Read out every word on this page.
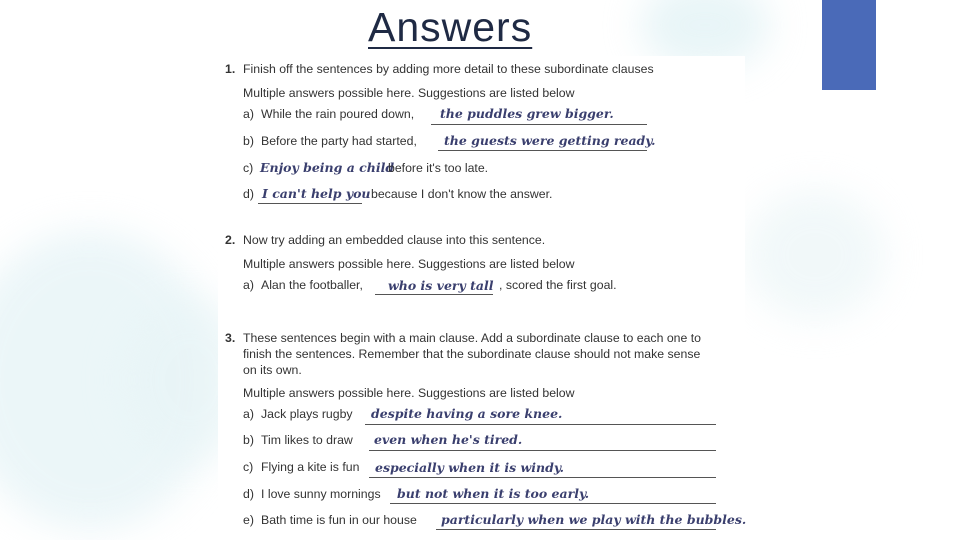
Answers
1. Finish off the sentences by adding more detail to these subordinate clauses
Multiple answers possible here. Suggestions are listed below
a) While the rain poured down, the puddles grew bigger.
b) Before the party had started, the guests were getting ready.
c) Enjoy being a child
before it's too late.
d) I can't help you because I don't know the answer.
2. Now try adding an embedded clause into this sentence.
Multiple answers possible here. Suggestions are listed below
a) Alan the footballer, who is very tall , scored the first goal.
3. These sentences begin with a main clause. Add a subordinate clause to each one to
finish the sentences. Remember that the subordinate clause should not make sense
on its own.
Multiple answers possible here. Suggestions are listed below
a) Jack plays rugby despite having a sore knee.
b) Tim likes to draw even when he's tired.
c) Flying a kite is fun especially when it is windy.
d) I love sunny mornings but not when it is too early.
e) Bath time is fun in our house particularly when we play with the bubbles.
